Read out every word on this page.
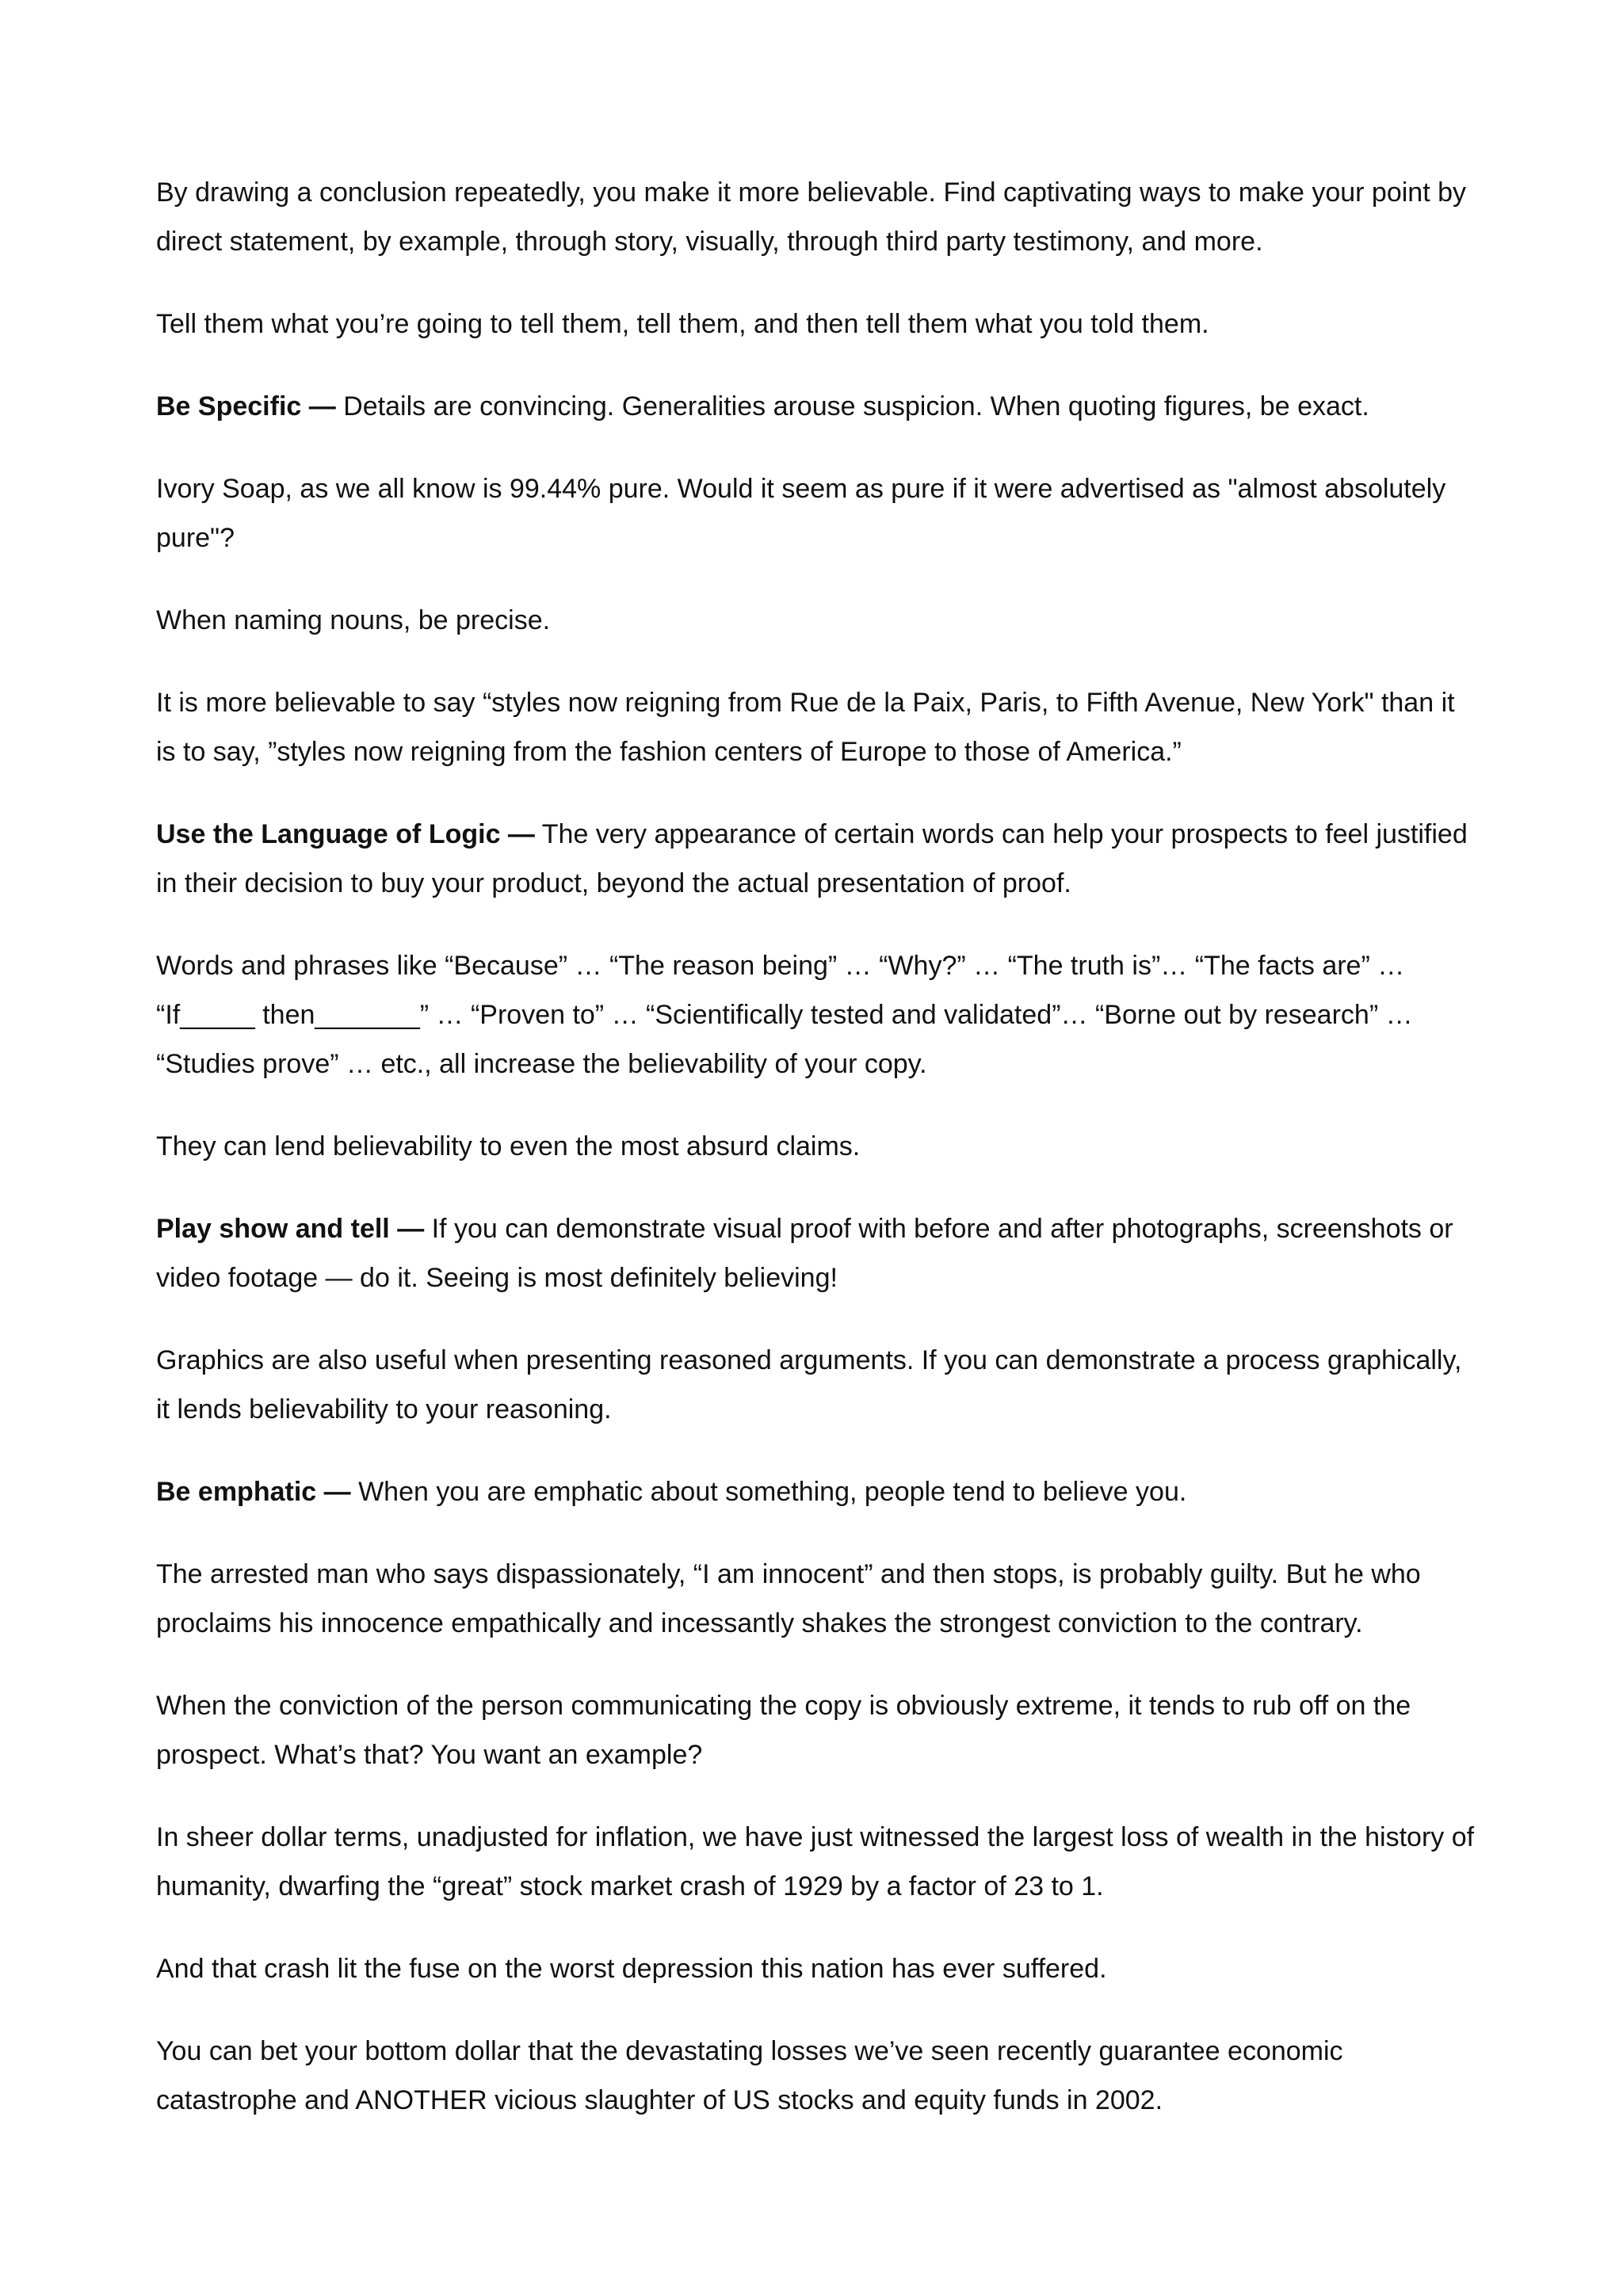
By drawing a conclusion repeatedly, you make it more believable. Find captivating ways to make your point by direct statement, by example, through story, visually, through third party testimony, and more.

Tell them what you’re going to tell them, tell them, and then tell them what you told them.

Be Specific — Details are convincing. Generalities arouse suspicion. When quoting figures, be exact.

Ivory Soap, as we all know is 99.44% pure. Would it seem as pure if it were advertised as "almost absolutely pure"?

When naming nouns, be precise.

It is more believable to say “styles now reigning from Rue de la Paix, Paris, to Fifth Avenue, New York" than it is to say, ”styles now reigning from the fashion centers of Europe to those of America.”

Use the Language of Logic — The very appearance of certain words can help your prospects to feel justified in their decision to buy your product, beyond the actual presentation of proof.

Words and phrases like “Because” … “The reason being” … “Why?” … “The truth is”… “The facts are” … “If_____ then_______” … “Proven to” … “Scientifically tested and validated”… “Borne out by research” … “Studies prove” … etc., all increase the believability of your copy.

They can lend believability to even the most absurd claims.

Play show and tell — If you can demonstrate visual proof with before and after photographs, screenshots or video footage — do it. Seeing is most definitely believing!

Graphics are also useful when presenting reasoned arguments. If you can demonstrate a process graphically, it lends believability to your reasoning.

Be emphatic — When you are emphatic about something, people tend to believe you.

The arrested man who says dispassionately, “I am innocent” and then stops, is probably guilty. But he who proclaims his innocence empathically and incessantly shakes the strongest conviction to the contrary.

When the conviction of the person communicating the copy is obviously extreme, it tends to rub off on the prospect. What’s that? You want an example?

In sheer dollar terms, unadjusted for inflation, we have just witnessed the largest loss of wealth in the history of humanity, dwarfing the “great” stock market crash of 1929 by a factor of 23 to 1.

And that crash lit the fuse on the worst depression this nation has ever suffered.

You can bet your bottom dollar that the devastating losses we’ve seen recently guarantee economic catastrophe and ANOTHER vicious slaughter of US stocks and equity funds in 2002.
